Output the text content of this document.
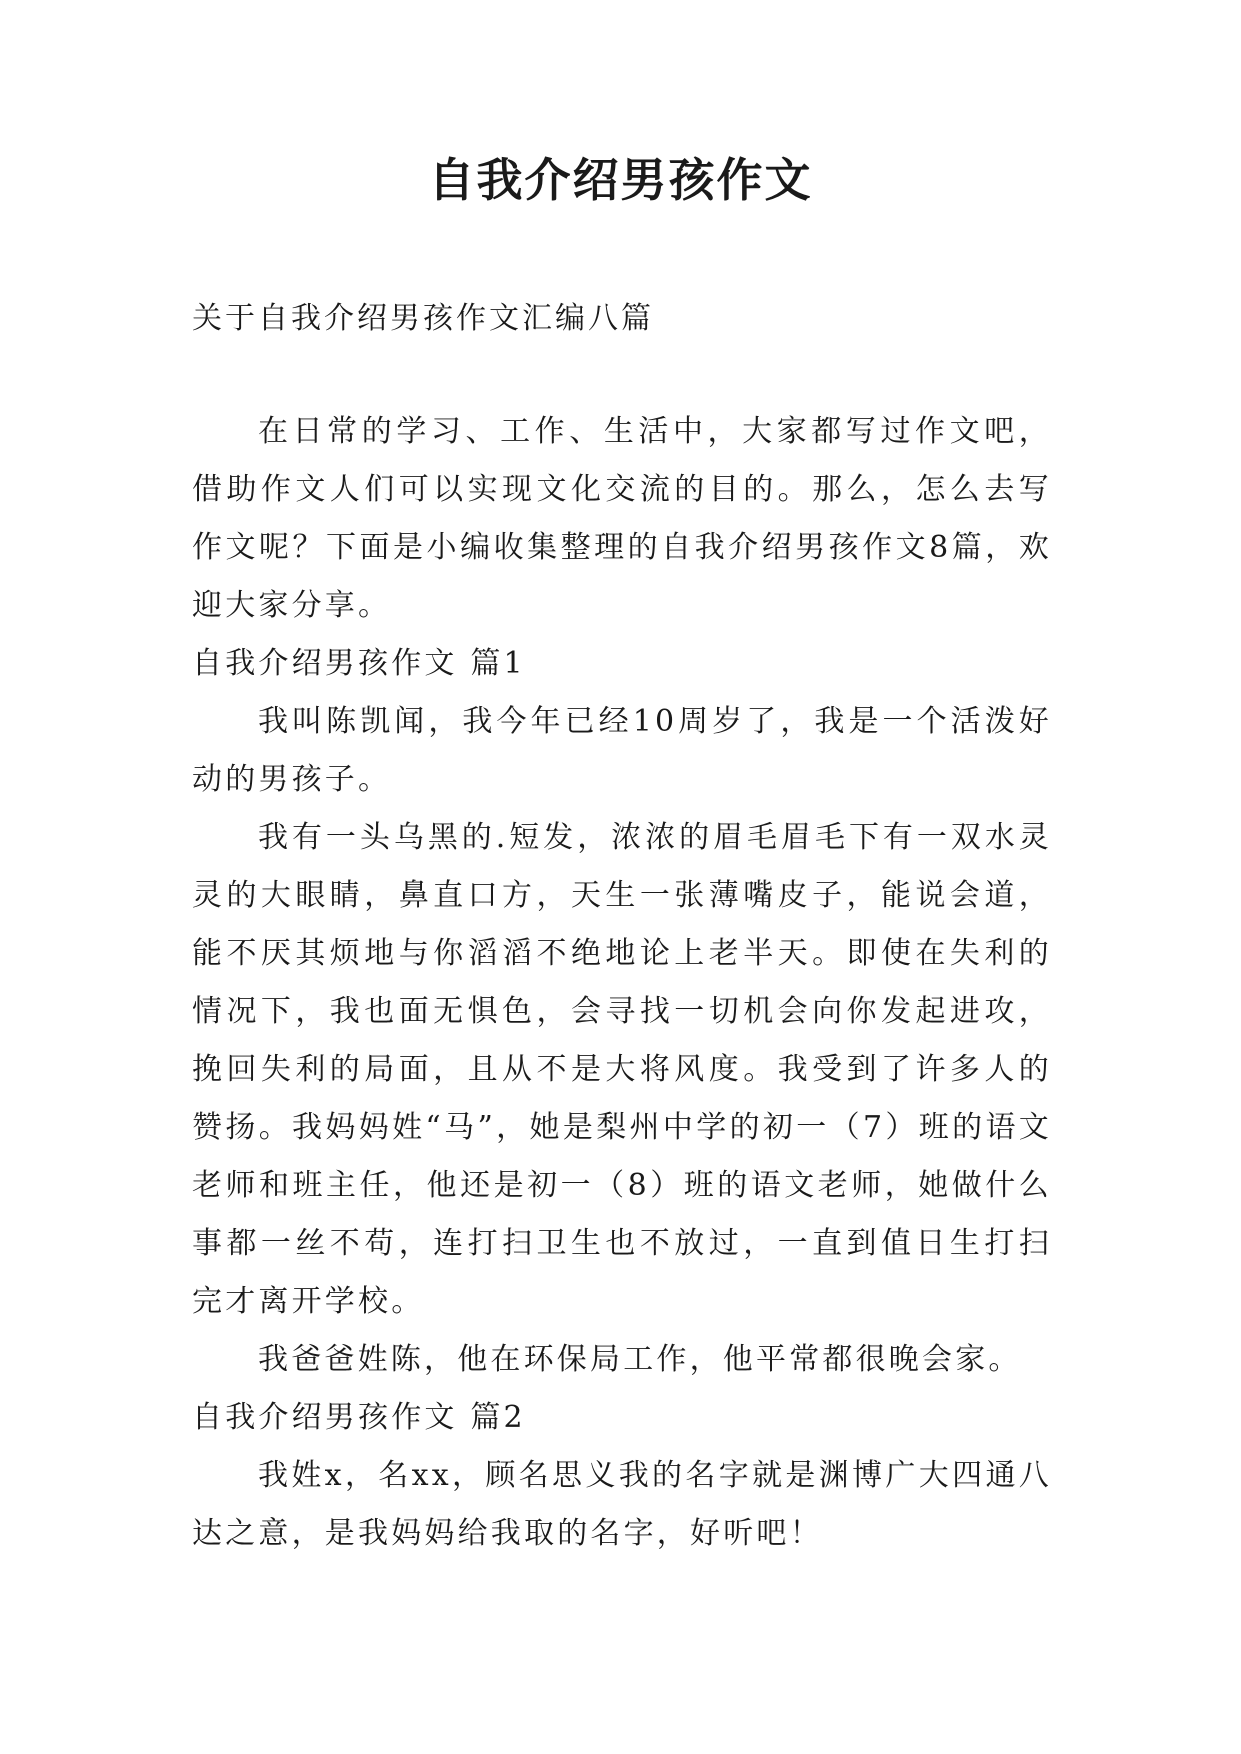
自我介绍男孩作文
关于自我介绍男孩作文汇编八篇

在日常的学习、工作、生活中，大家都写过作文吧，借助作文人们可以实现文化交流的目的。那么，怎么去写作文呢？下面是小编收集整理的自我介绍男孩作文8篇，欢迎大家分享。

自我介绍男孩作文 篇1

我叫陈凯闻，我今年已经10周岁了，我是一个活泼好动的男孩子。

我有一头乌黑的.短发，浓浓的眉毛眉毛下有一双水灵灵的大眼睛，鼻直口方，天生一张薄嘴皮子，能说会道，能不厌其烦地与你滔滔不绝地论上老半天。即使在失利的情况下，我也面无惧色，会寻找一切机会向你发起进攻，挽回失利的局面，且从不是大将风度。我受到了许多人的赞扬。我妈妈姓“马”，她是梨州中学的初一（7）班的语文老师和班主任，他还是初一（8）班的语文老师，她做什么事都一丝不苟，连打扫卫生也不放过，一直到值日生打扫完才离开学校。

我爸爸姓陈，他在环保局工作，他平常都很晚会家。

自我介绍男孩作文 篇2

我姓x，名xx，顾名思义我的名字就是渊博广大四通八达之意，是我妈妈给我取的名字，好听吧！
